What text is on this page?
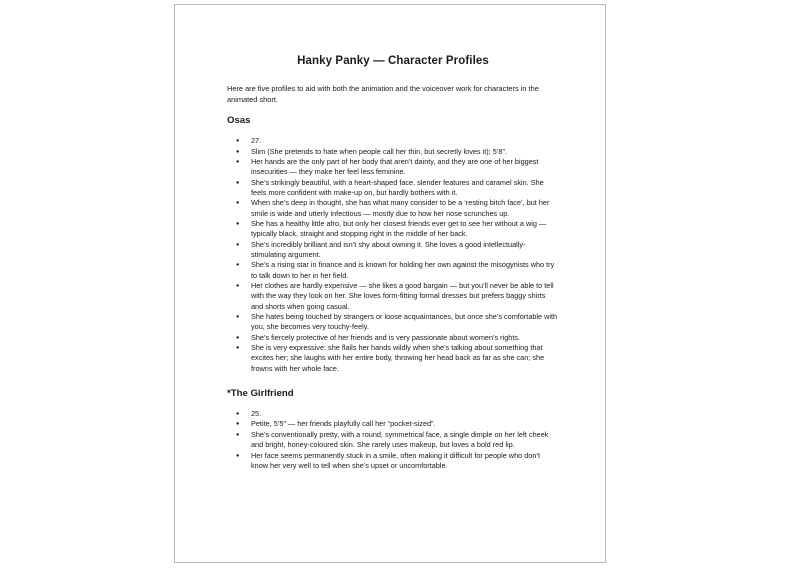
Hanky Panky — Character Profiles

Here are five profiles to aid with both the animation and the voiceover work for characters in the animated short.

Osas
● 27.
● Slim (She pretends to hate when people call her thin, but secretly loves it); 5’8”.
● Her hands are the only part of her body that aren’t dainty, and they are one of her biggest insecurities — they make her feel less feminine.
● She’s strikingly beautiful, with a heart-shaped face, slender features and caramel skin. She feels more confident with make-up on, but hardly bothers with it.
● When she’s deep in thought, she has what many consider to be a ‘resting bitch face’, but her smile is wide and utterly infectious — mostly due to how her nose scrunches up.
● She has a healthy little afro, but only her closest friends ever get to see her without a wig — typically black, straight and stopping right in the middle of her back.
● She’s incredibly brilliant and isn’t shy about owning it. She loves a good intellectually-stimulating argument.
● She’s a rising star in finance and is known for holding her own against the misogynists who try to talk down to her in her field.
● Her clothes are hardly expensive — she likes a good bargain — but you’ll never be able to tell with the way they look on her. She loves form-fitting formal dresses but prefers baggy shirts and shorts when going casual.
● She hates being touched by strangers or loose acquaintances, but once she’s comfortable with you, she becomes very touchy-feely.
● She’s fiercely protective of her friends and is very passionate about women’s rights.
● She is very expressive: she flails her hands wildly when she’s talking about something that excites her; she laughs with her entire body, throwing her head back as far as she can; she frowns with her whole face.
*The Girlfriend
● 25.
● Petite, 5’5” — her friends playfully call her “pocket-sized”.
● She’s conventionally pretty, with a round, symmetrical face, a single dimple on her left cheek and bright, honey-coloured skin. She rarely uses makeup, but loves a bold red lip.
● Her face seems permanently stuck in a smile, often making it difficult for people who don’t know her very well to tell when she’s upset or uncomfortable.
